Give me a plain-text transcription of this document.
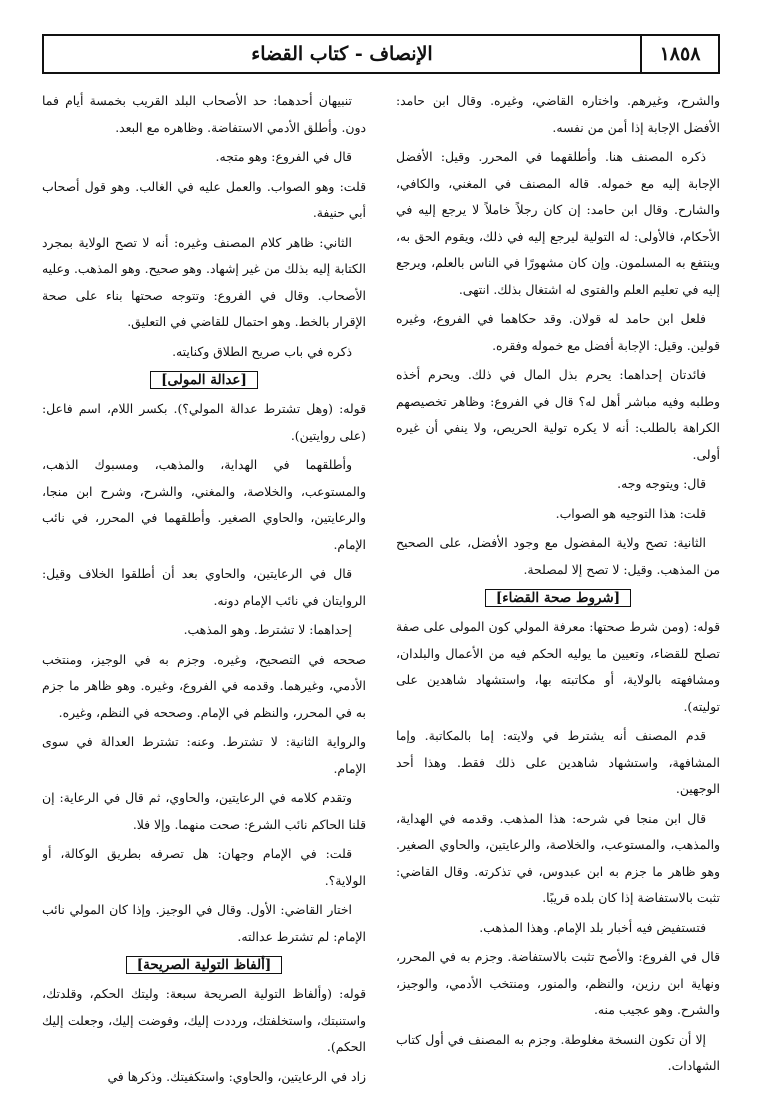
١٨٥٨
الإنصاف - كتاب القضاء

والشرح، وغيرهم. واختاره القاضي، وغيره. وقال ابن حامد: الأفضل الإجابة إذا أمن من نفسه.

ذكره المصنف هنا. وأطلقهما في المحرر. وقيل: الأفضل الإجابة إليه مع خموله. قاله المصنف في المغني، والكافي، والشارح. وقال ابن حامد: إن كان رجلاً خاملاً لا يرجع إليه في الأحكام، فالأولى: له التولية ليرجع إليه في ذلك، ويقوم الحق به، وينتفع به المسلمون. وإن كان مشهورًا في الناس بالعلم، ويرجع إليه في تعليم العلم والفتوى له اشتغال بذلك. انتهى.

فلعل ابن حامد له قولان. وقد حكاهما في الفروع، وغيره قولين. وقيل: الإجابة أفضل مع خموله وفقره.

فائدتان إحداهما: يحرم بذل المال في ذلك. ويحرم أخذه وطلبه وفيه مباشر أهل له؟ قال في الفروع: وظاهر تخصيصهم الكراهة بالطلب: أنه لا يكره تولية الحريص، ولا ينفي أن غيره أولى.

قال: ويتوجه وجه.

قلت: هذا التوجيه هو الصواب.

الثانية: تصح ولاية المفضول مع وجود الأفضل، على الصحيح من المذهب. وقيل: لا تصح إلا لمصلحة.

[شروط صحة القضاء]

قوله: (ومن شرط صحتها: معرفة المولي كون المولى على صفة تصلح للقضاء، وتعيين ما يوليه الحكم فيه من الأعمال والبلدان، ومشافهته بالولاية، أو مكاتبته بها، واستشهاد شاهدين على توليته).

قدم المصنف أنه يشترط في ولايته: إما بالمكاتبة. وإما المشافهة، واستشهاد شاهدين على ذلك فقط. وهذا أحد الوجهين.

قال ابن منجا في شرحه: هذا المذهب. وقدمه في الهداية، والمذهب، والمستوعب، والخلاصة، والرعايتين، والحاوي الصغير. وهو ظاهر ما جزم به ابن عبدوس، في تذكرته. وقال القاضي: تثبت بالاستفاضة إذا كان بلده قريبًا.

فتستفيض فيه أخبار بلد الإمام. وهذا المذهب.

قال في الفروع: والأصح تثبت بالاستفاضة. وجزم به في المحرر، ونهاية ابن رزين، والنظم، والمنور، ومنتخب الأدمي، والوجيز، والشرح. وهو عجيب منه.

إلا أن تكون النسخة مغلوطة. وجزم به المصنف في أول كتاب الشهادات.

تنبيهان أحدهما: حد الأصحاب البلد القريب بخمسة أيام فما دون. وأطلق الأدمي الاستفاضة. وظاهره مع البعد.

قال في الفروع: وهو متجه.

قلت: وهو الصواب. والعمل عليه في الغالب. وهو قول أصحاب أبي حنيفة.

الثاني: ظاهر كلام المصنف وغيره: أنه لا تصح الولاية بمجرد الكتابة إليه بذلك من غير إشهاد. وهو صحيح. وهو المذهب. وعليه الأصحاب. وقال في الفروع: وتتوجه صحتها بناء على صحة الإقرار بالخط. وهو احتمال للقاضي في التعليق.

ذكره في باب صريح الطلاق وكنايته.

[عدالة المولى]

قوله: (وهل تشترط عدالة المولي؟). بكسر اللام، اسم فاعل: (على روايتين).

وأطلقهما في الهداية، والمذهب، ومسبوك الذهب، والمستوعب، والخلاصة، والمغني، والشرح، وشرح ابن منجا، والرعايتين، والحاوي الصغير. وأطلقهما في المحرر، في نائب الإمام.

قال في الرعايتين، والحاوي بعد أن أطلقوا الخلاف وقيل: الروايتان في نائب الإمام دونه.

إحداهما: لا تشترط. وهو المذهب.

صححه في التصحيح، وغيره. وجزم به في الوجيز، ومنتخب الأدمي، وغيرهما. وقدمه في الفروع، وغيره. وهو ظاهر ما جزم به في المحرر، والنظم في الإمام. وصححه في النظم، وغيره.

والرواية الثانية: لا تشترط. وعنه: تشترط العدالة في سوى الإمام.

وتقدم كلامه في الرعايتين، والحاوي، ثم قال في الرعاية: إن قلنا الحاكم نائب الشرع: صحت منهما. وإلا فلا.

قلت: في الإمام وجهان: هل تصرفه بطريق الوكالة، أو الولاية؟.

اختار القاضي: الأول. وقال في الوجيز. وإذا كان المولي نائب الإمام: لم تشترط عدالته.

[ألفاظ التولية الصريحة]

قوله: (وألفاظ التولية الصريحة سبعة: وليتك الحكم، وقلدتك، واستنبتك، واستخلفتك، ورددت إليك، وفوضت إليك، وجعلت إليك الحكم).

زاد في الرعايتين، والحاوي: واستكفيتك. وذكرها في
